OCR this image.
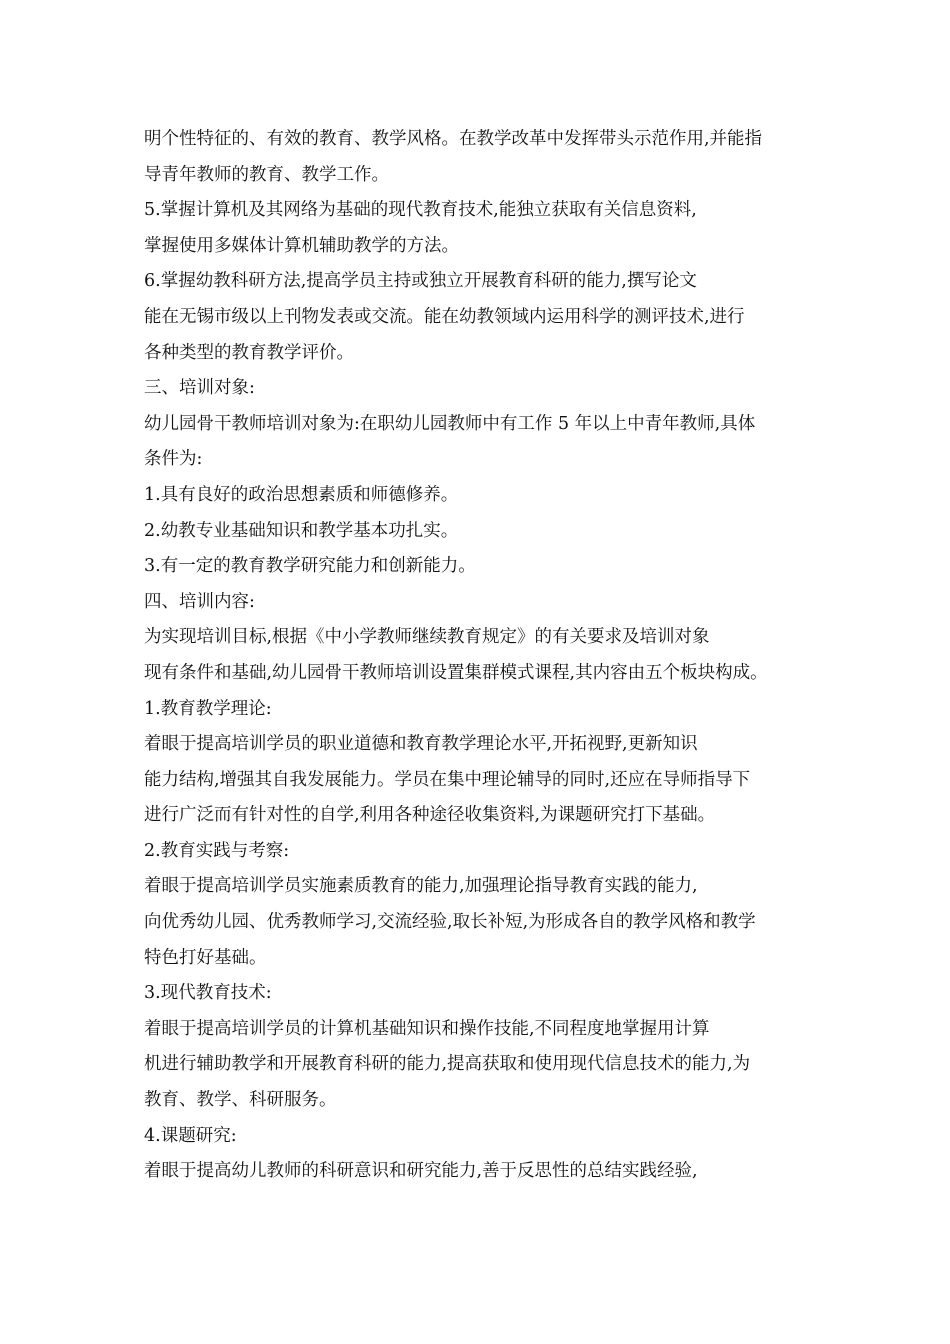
明个性特征的、有效的教育、教学风格。在教学改革中发挥带头示范作用,并能指
导青年教师的教育、教学工作。
5.掌握计算机及其网络为基础的现代教育技术,能独立获取有关信息资料,
掌握使用多媒体计算机辅助教学的方法。
6.掌握幼教科研方法,提高学员主持或独立开展教育科研的能力,撰写论文
能在无锡市级以上刊物发表或交流。能在幼教领域内运用科学的测评技术,进行
各种类型的教育教学评价。
三、培训对象:
幼儿园骨干教师培训对象为:在职幼儿园教师中有工作 5 年以上中青年教师,具体
条件为:
1.具有良好的政治思想素质和师德修养。
2.幼教专业基础知识和教学基本功扎实。
3.有一定的教育教学研究能力和创新能力。
四、培训内容:
为实现培训目标,根据《中小学教师继续教育规定》的有关要求及培训对象
现有条件和基础,幼儿园骨干教师培训设置集群模式课程,其内容由五个板块构成。
1.教育教学理论:
着眼于提高培训学员的职业道德和教育教学理论水平,开拓视野,更新知识
能力结构,增强其自我发展能力。学员在集中理论辅导的同时,还应在导师指导下
进行广泛而有针对性的自学,利用各种途径收集资料,为课题研究打下基础。
2.教育实践与考察:
着眼于提高培训学员实施素质教育的能力,加强理论指导教育实践的能力,
向优秀幼儿园、优秀教师学习,交流经验,取长补短,为形成各自的教学风格和教学
特色打好基础。
3.现代教育技术:
着眼于提高培训学员的计算机基础知识和操作技能,不同程度地掌握用计算
机进行辅助教学和开展教育科研的能力,提高获取和使用现代信息技术的能力,为
教育、教学、科研服务。
4.课题研究:
着眼于提高幼儿教师的科研意识和研究能力,善于反思性的总结实践经验,
